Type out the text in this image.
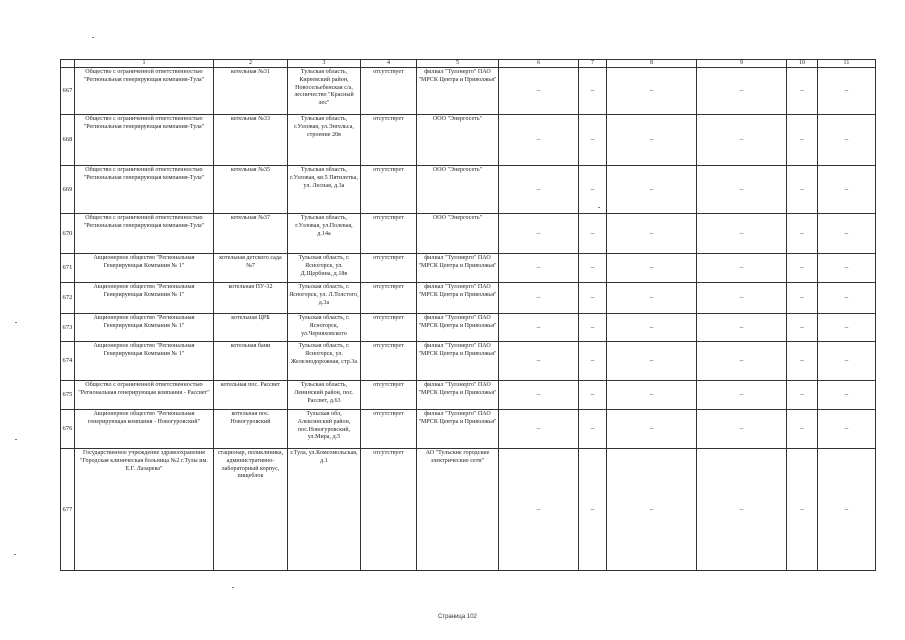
	1	2	3	4	5	6	7	8	9	10	11
667	Общество с ограниченной ответственностью "Региональная генерирующая компания-Тула"	котельная №31	Тульская область, Киреевский район, Новосельебенская с/а, лесничество "Красный лес"	отсутствует	филиал "Тулэнерго" ПАО "МРСК Центра и Приволжья"	–	–	–	–	–	–
668	Общество с ограниченной ответственностью "Региональная генерирующая компания-Тула"	котельная №33	Тульская область, г.Узловая, ул.Энгельса, строение 20в	отсутствует	ООО "Энергосеть"	–	–	–	–	–	–
669	Общество с ограниченной ответственностью "Региональная генерирующая компания-Тула"	котельная №35	Тульская область, г.Узловая, кв.5 Пятилетка, ул. Лесная, д.3а	отсутствует	ООО "Энергосеть"	–	–	–	–	–	–
670	Общество с ограниченной ответственностью "Региональная генерирующая компания-Тула"	котельная №37	Тульская область, г.Узловая, ул.Полевая, д.14а	отсутствует	ООО "Энергосеть"	–	–	–	–	–	–
671	Акционерное общество "Региональная Генерирующая Компания № 1"	котельная детского сада №7	Тульская область, г. Ясногорск, ул. Д.Щербина, д.18в	отсутствует	филиал "Тулэнерго" ПАО "МРСК Центра и Приволжья"	–	–	–	–	–	–
672	Акционерное общество "Региональная Генерирующая Компания № 1"	котельная ПУ-32	Тульская область, г. Ясногорск, ул. Л.Толстого, д.3а	отсутствует	филиал "Тулэнерго" ПАО "МРСК Центра и Приволжья"	–	–	–	–	–	–
673	Акционерное общество "Региональная Генерирующая Компания № 1"	котельная ЦРБ	Тульская область, г. Ясногорск, ул.Черняховского	отсутствует	филиал "Тулэнерго" ПАО "МРСК Центра и Приволжья"	–	–	–	–	–	–
674	Акционерное общество "Региональная Генерирующая Компания № 1"	котельная бани	Тульская область, г. Ясногорск, ул. Железнодорожная, стр.3а	отсутствует	филиал "Тулэнерго" ПАО "МРСК Центра и Приволжья"	–	–	–	–	–	–
675	Общество с ограниченной ответственностью "Региональная генерирующая компания - Рассвет"	котельная пос. Рассвет	Тульская область, Ленинский район, пос. Рассвет, д.63	отсутствует	филиал "Тулэнерго" ПАО "МРСК Центра и Приволжья"	–	–	–	–	–	–
676	Акционерное общество "Региональная генерирующая компания - Новогуровский"	котельная пос. Новогуровский	Тульская обл, Алексинский район, пос.Новогуровский, ул.Мира, д.5	отсутствует	филиал "Тулэнерго" ПАО "МРСК Центра и Приволжья"	–	–	–	–	–	–
677	Государственное учреждение здравоохранения "Городская клиническая больница №2 г.Тулы им. Е.Г. Лазарева"	стационар, поликлиника, административно-лабораторный корпус, пищеблок	г.Тула, ул.Комсомольская, д.1	отсутствует	АО "Тульские городские электрические сети"	–	–	–	–	–	–
Страница 102
